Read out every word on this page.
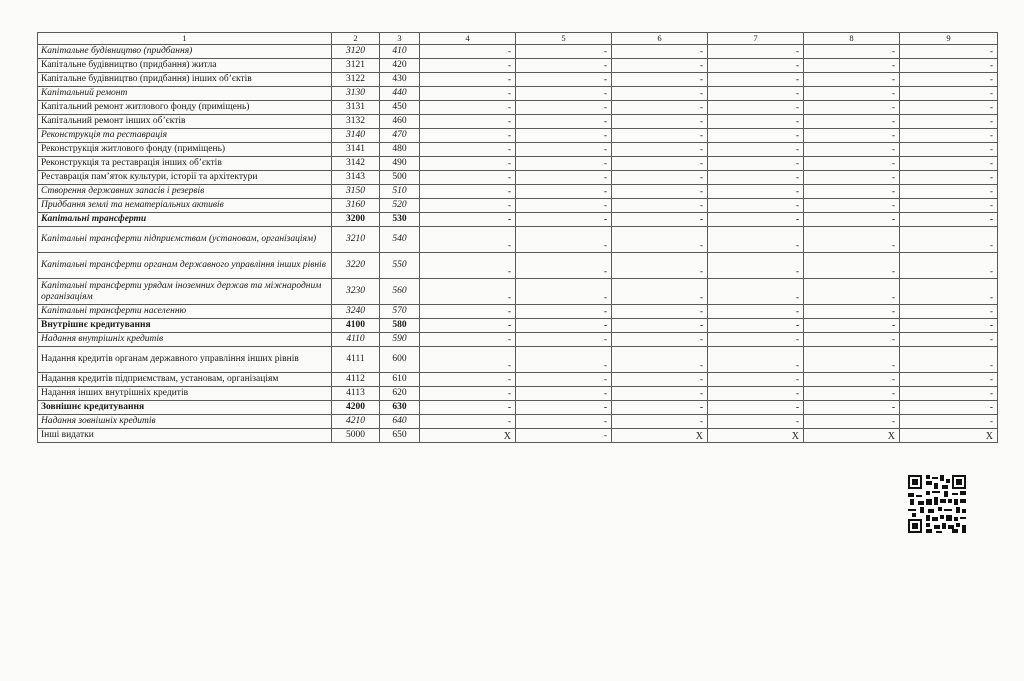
1	2	3	4	5	6	7	8	9
Капітальне будівництво (придбання)	3120	410	-	-	-	-	-	-
Капітальне будівництво (придбання) житла	3121	420	-	-	-	-	-	-
Капітальне будівництво (придбання) інших об’єктів	3122	430	-	-	-	-	-	-
Капітальний ремонт	3130	440	-	-	-	-	-	-
Капітальний ремонт житлового фонду (приміщень)	3131	450	-	-	-	-	-	-
Капітальний ремонт інших об’єктів	3132	460	-	-	-	-	-	-
Реконструкція та реставрація	3140	470	-	-	-	-	-	-
Реконструкція житлового фонду (приміщень)	3141	480	-	-	-	-	-	-
Реконструкція та реставрація інших об’єктів	3142	490	-	-	-	-	-	-
Реставрація пам’яток культури, історії та архітектури	3143	500	-	-	-	-	-	-
Створення державних запасів і резервів	3150	510	-	-	-	-	-	-
Придбання землі та нематеріальних активів	3160	520	-	-	-	-	-	-
Капітальні трансферти	3200	530	-	-	-	-	-	-
Капітальні трансферти підприємствам (установам, організаціям)	3210	540	-	-	-	-	-	-
Капітальні трансферти органам державного управління інших рівнів	3220	550	-	-	-	-	-	-
Капітальні трансферти урядам іноземних держав та міжнародним організаціям	3230	560	-	-	-	-	-	-
Капітальні трансферти населенню	3240	570	-	-	-	-	-	-
Внутрішнє кредитування	4100	580	-	-	-	-	-	-
Надання внутрішніх кредитів	4110	590	-	-	-	-	-	-
Надання кредитів органам державного управління інших рівнів	4111	600	-	-	-	-	-	-
Надання кредитів підприємствам, установам, організаціям	4112	610	-	-	-	-	-	-
Надання інших внутрішніх кредитів	4113	620	-	-	-	-	-	-
Зовнішнє кредитування	4200	630	-	-	-	-	-	-
Надання зовнішніх кредитів	4210	640	-	-	-	-	-	-
Інші видатки	5000	650	X	-	X	X	X	X
